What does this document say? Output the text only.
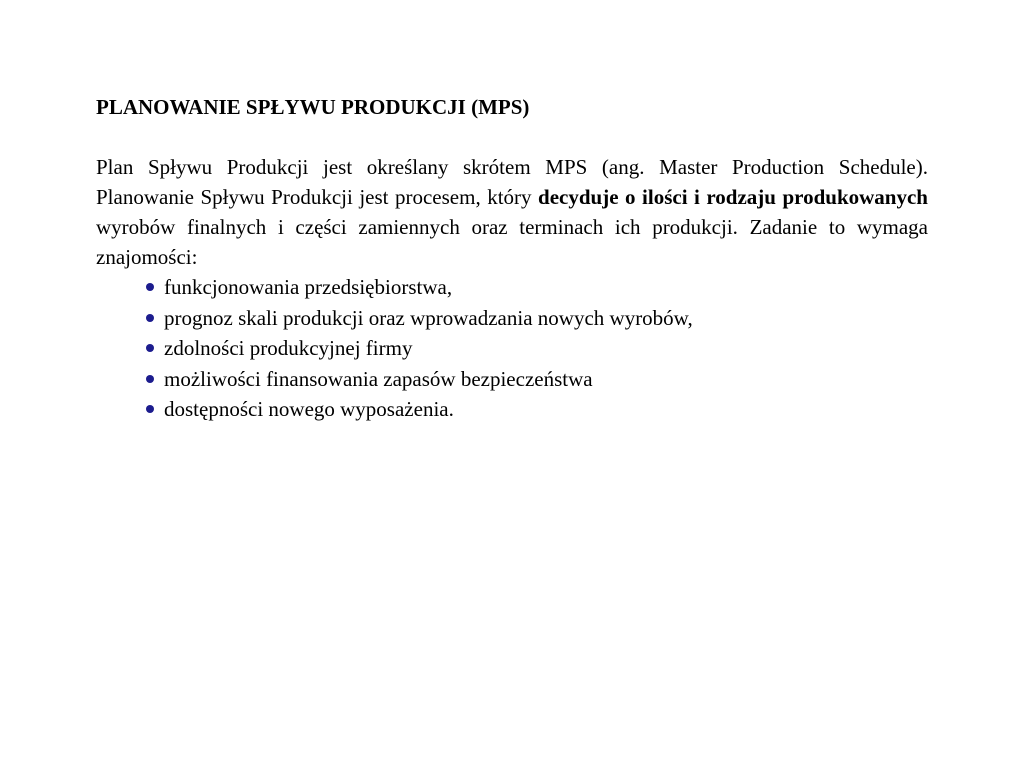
PLANOWANIE SPŁYWU PRODUKCJI (MPS)

Plan Spływu Produkcji jest określany skrótem MPS (ang. Master Production Schedule). Planowanie Spływu Produkcji jest procesem, który decyduje o ilości i rodzaju produkowanych wyrobów finalnych i części zamiennych oraz terminach ich produkcji. Zadanie to wymaga znajomości:

funkcjonowania przedsiębiorstwa,
prognoz skali produkcji oraz wprowadzania nowych wyrobów,
zdolności produkcyjnej firmy
możliwości finansowania zapasów bezpieczeństwa
dostępności nowego wyposażenia.
